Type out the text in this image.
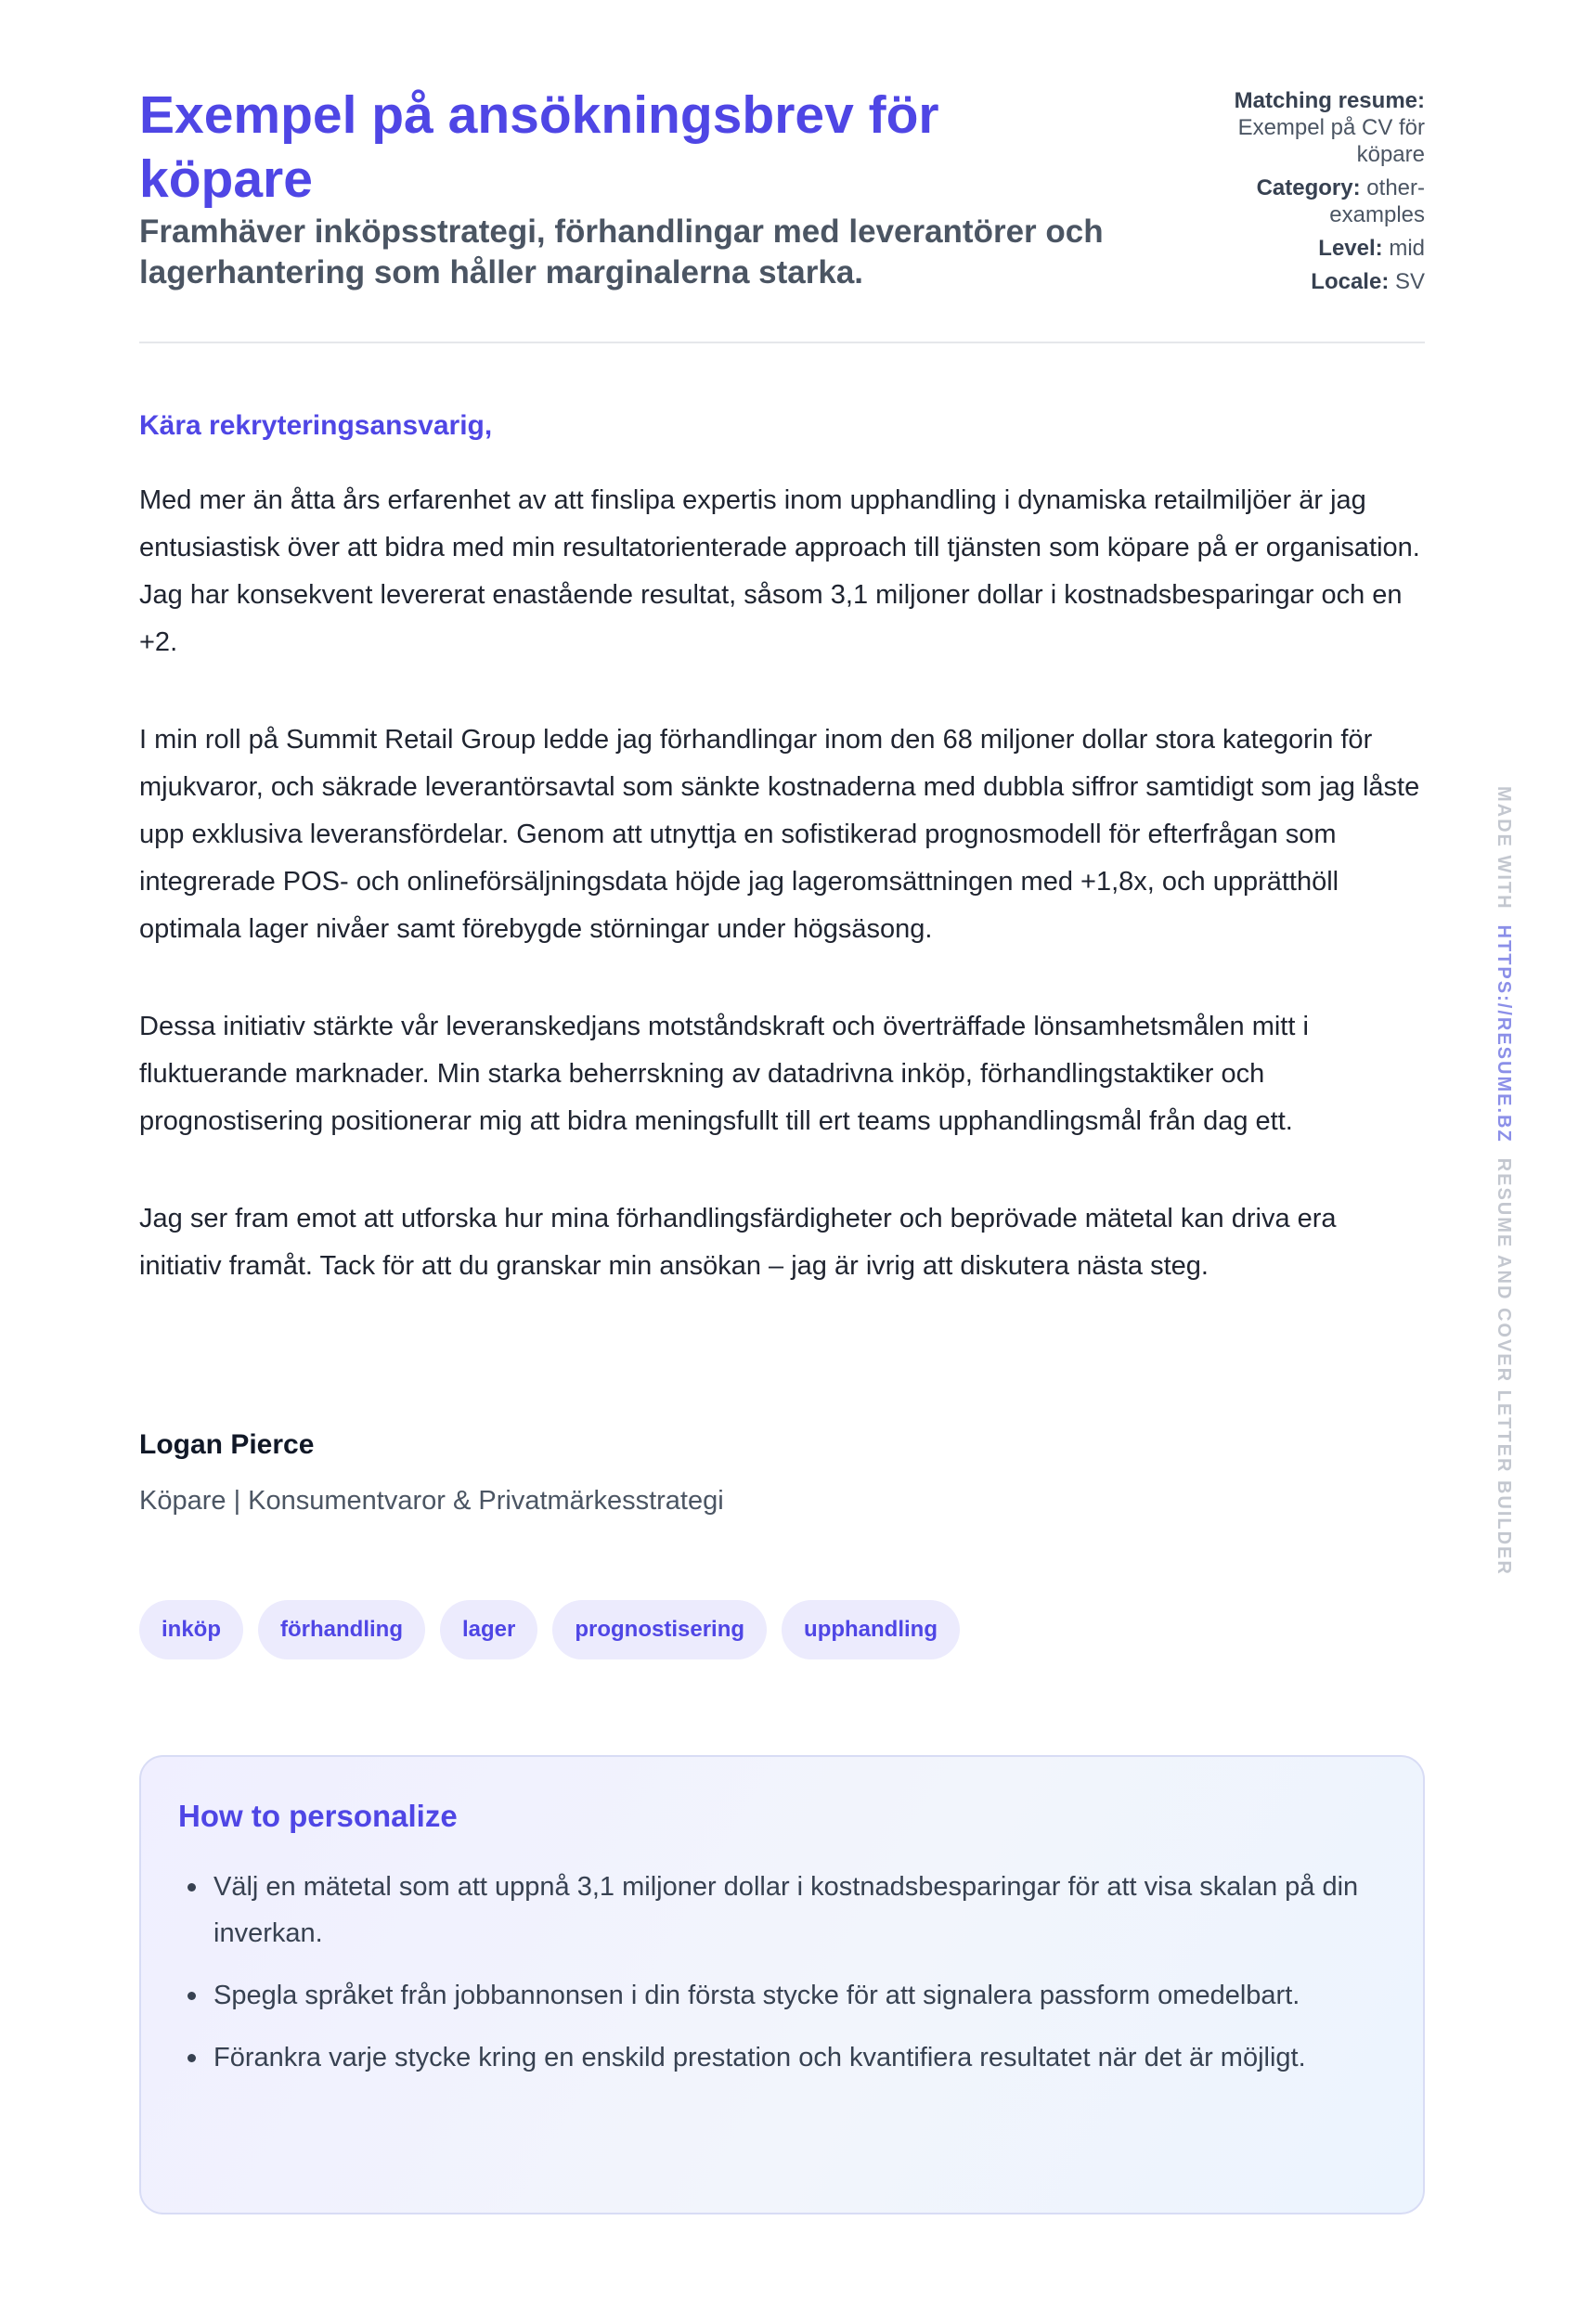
Exempel på ansökningsbrev för köpare
Framhäver inköpsstrategi, förhandlingar med leverantörer och lagerhantering som håller marginalerna starka.
Matching resume: Exempel på CV för köpare
Category: other-examples
Level: mid
Locale: SV

Kära rekryteringsansvarig,

Med mer än åtta års erfarenhet av att finslipa expertis inom upphandling i dynamiska retailmiljöer är jag entusiastisk över att bidra med min resultatorienterade approach till tjänsten som köpare på er organisation. Jag har konsekvent levererat enastående resultat, såsom 3,1 miljoner dollar i kostnadsbesparingar och en +2.

I min roll på Summit Retail Group ledde jag förhandlingar inom den 68 miljoner dollar stora kategorin för mjukvaror, och säkrade leverantörsavtal som sänkte kostnaderna med dubbla siffror samtidigt som jag låste upp exklusiva leveransfördelar. Genom att utnyttja en sofistikerad prognosmodell för efterfrågan som integrerade POS- och onlineförsäljningsdata höjde jag lageromsättningen med +1,8x, och upprätthöll optimala lager nivåer samt förebygde störningar under högsäsong.

Dessa initiativ stärkte vår leveranskedjans motståndskraft och överträffade lönsamhetsmålen mitt i fluktuerande marknader. Min starka beherrskning av datadrivna inköp, förhandlingstaktiker och prognostisering positionerar mig att bidra meningsfullt till ert teams upphandlingsmål från dag ett.

Jag ser fram emot att utforska hur mina förhandlingsfärdigheter och beprövade mätetal kan driva era initiativ framåt. Tack för att du granskar min ansökan – jag är ivrig att diskutera nästa steg.

Logan Pierce

Köpare | Konsumentvaror & Privatmärkesstrategi

inköp	förhandling	lager	prognostisering	upphandling
How to personalize
Välj en mätetal som att uppnå 3,1 miljoner dollar i kostnadsbesparingar för att visa skalan på din inverkan.
Spegla språket från jobbannonsen i din första stycke för att signalera passform omedelbart.
Förankra varje stycke kring en enskild prestation och kvantifiera resultatet när det är möjligt.
MADE WITHHTTPS://RESUME.BZRESUME AND COVER LETTER BUILDER
